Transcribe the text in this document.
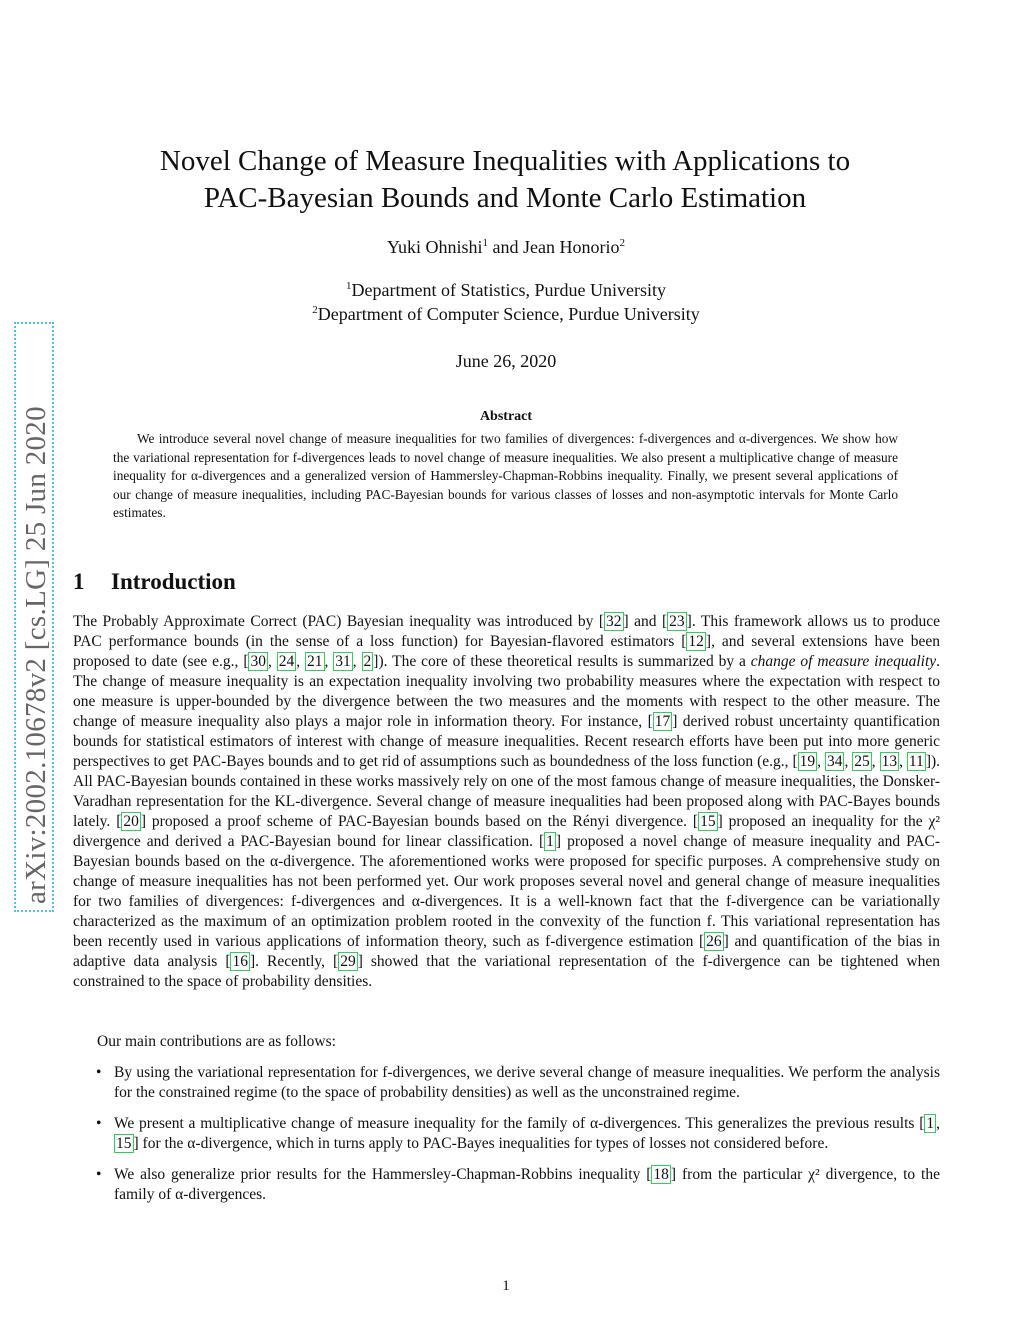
arXiv:2002.10678v2 [cs.LG] 25 Jun 2020
Novel Change of Measure Inequalities with Applications to
PAC-Bayesian Bounds and Monte Carlo Estimation
Yuki Ohnishi$^1$ and Jean Honorio$^2$
$^1$Department of Statistics, Purdue University
$^2$Department of Computer Science, Purdue University
June 26, 2020
Abstract

We introduce several novel change of measure inequalities for two families of divergences: f-divergences and α-divergences. We show how the variational representation for f-divergences leads to novel change of measure inequalities. We also present a multiplicative change of measure inequality for α-divergences and a generalized version of Hammersley-Chapman-Robbins inequality. Finally, we present several applications of our change of measure inequalities, including PAC-Bayesian bounds for various classes of losses and non-asymptotic intervals for Monte Carlo estimates.

1 Introduction

The Probably Approximate Correct (PAC) Bayesian inequality was introduced by [ 32 ] and [ 23 ]. This framework allows us to produce PAC performance bounds (in the sense of a loss function) for Bayesian-flavored estimators [ 12 ], and several extensions have been proposed to date (see e.g., [ 30 , 24 , 21 , 31 , 2 ]). The core of these theoretical results is summarized by a change of measure inequality. The change of measure inequality is an expectation inequality involving two probability measures where the expectation with respect to one measure is upper-bounded by the divergence between the two measures and the moments with respect to the other measure. The change of measure inequality also plays a major role in information theory. For instance, [ 17 ] derived robust uncertainty quantification bounds for statistical estimators of interest with change of measure inequalities. Recent research efforts have been put into more generic perspectives to get PAC-Bayes bounds and to get rid of assumptions such as boundedness of the loss function (e.g., [ 19 , 34 , 25 , 13 , 11 ]). All PAC-Bayesian bounds contained in these works massively rely on one of the most famous change of measure inequalities, the Donsker-Varadhan representation for the KL-divergence. Several change of measure inequalities had been proposed along with PAC-Bayes bounds lately. [ 20 ] proposed a proof scheme of PAC-Bayesian bounds based on the Rényi divergence. [ 15 ] proposed an inequality for the χ² divergence and derived a PAC-Bayesian bound for linear classification. [ 1 ] proposed a novel change of measure inequality and PAC-Bayesian bounds based on the α-divergence. The aforementioned works were proposed for specific purposes. A comprehensive study on change of measure inequalities has not been performed yet. Our work proposes several novel and general change of measure inequalities for two families of divergences: f-divergences and α-divergences. It is a well-known fact that the f-divergence can be variationally characterized as the maximum of an optimization problem rooted in the convexity of the function f. This variational representation has been recently used in various applications of information theory, such as f-divergence estimation [ 26 ] and quantification of the bias in adaptive data analysis [ 16 ]. Recently, [ 29 ] showed that the variational representation of the f-divergence can be tightened when constrained to the space of probability densities.

Our main contributions are as follows:

• By using the variational representation for f-divergences, we derive several change of measure inequalities. We perform the analysis for the constrained regime (to the space of probability densities) as well as the unconstrained regime.
• We present a multiplicative change of measure inequality for the family of α-divergences. This generalizes the previous results [ 1 , 15 ] for the α-divergence, which in turns apply to PAC-Bayes inequalities for types of losses not considered before.
• We also generalize prior results for the Hammersley-Chapman-Robbins inequality [ 18 ] from the particular χ² divergence, to the family of α-divergences.
1
